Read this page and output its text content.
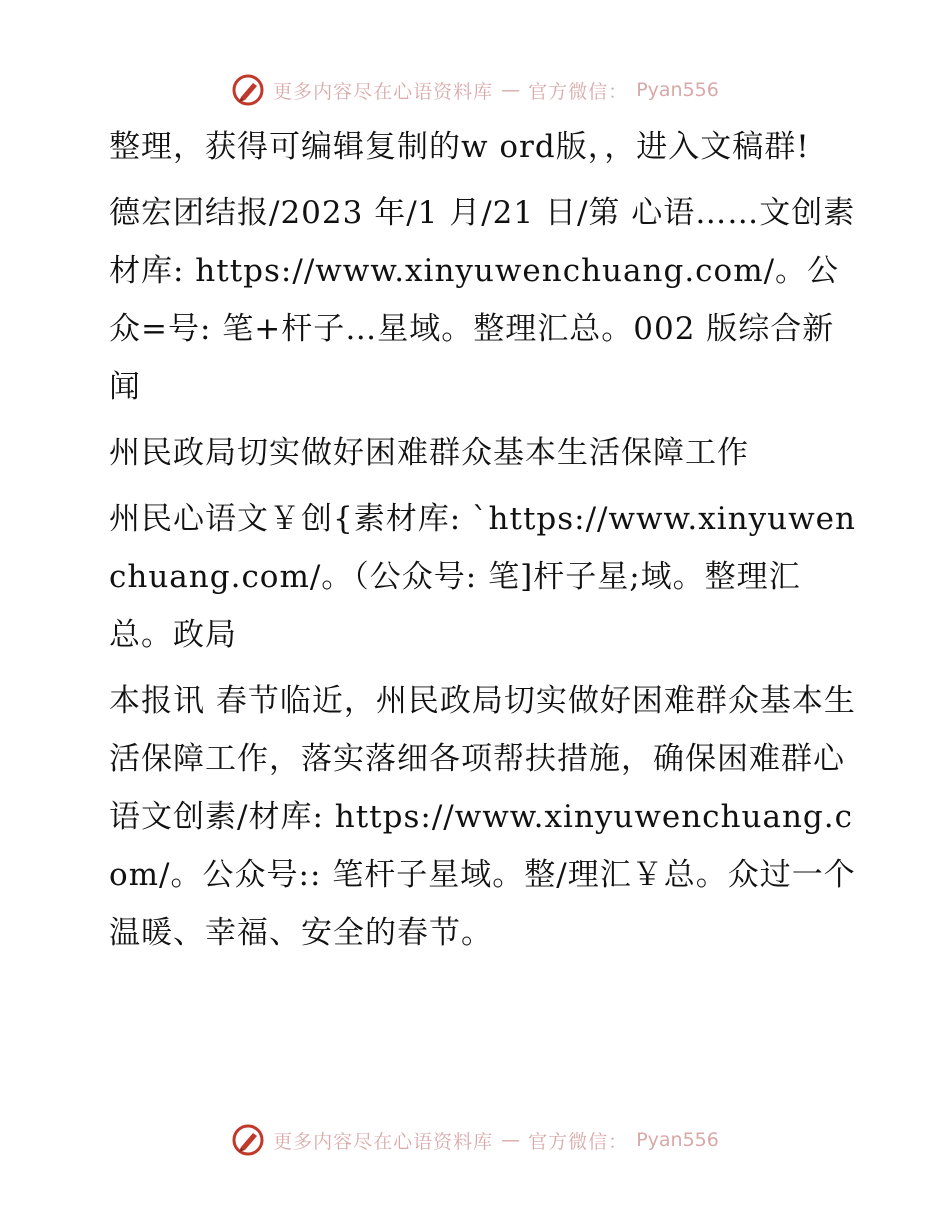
更多内容尽在心语资料库 — 官方微信： Pyan556

整理，获得可编辑复制的w ord版，，进入文稿群!

德宏团结报/2023 年/1 月/21 日/第 心语……文创素材库: https://www.xinyuwenchuang.com/。公众=号: 笔+杆子…星域。整理汇总。002 版综合新闻

州民政局切实做好困难群众基本生活保障工作

州民心语文￥创{素材库: `https://www.xinyuwenchuang.com/。（公众号: 笔]杆子星;域。整理汇总。政局

本报讯 春节临近，州民政局切实做好困难群众基本生活保障工作，落实落细各项帮扶措施，确保困难群心语文创素/材库: https://www.xinyuwenchuang.com/。公众号:: 笔杆子星域。整/理汇￥总。众过一个温暖、幸福、安全的春节。

更多内容尽在心语资料库 — 官方微信： Pyan556
